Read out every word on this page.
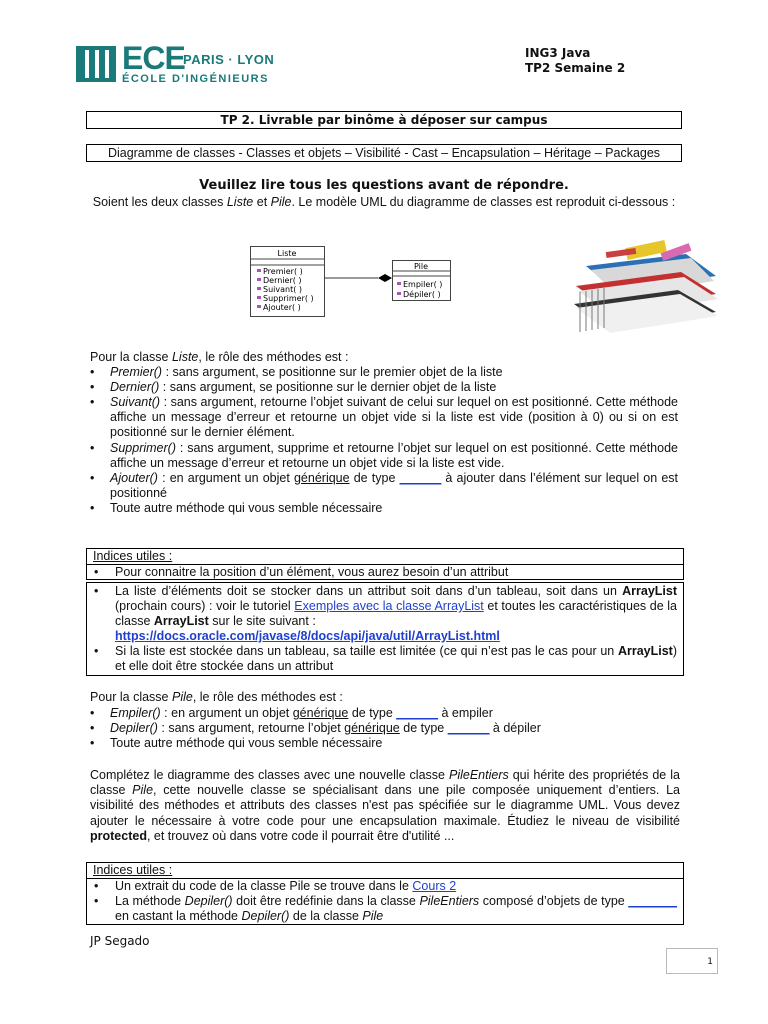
ECE
PARIS · LYON
ÉCOLE D'INGÉNIEURS
ING3 Java
TP2 Semaine 2
TP 2. Livrable par binôme à déposer sur campus
Diagramme de classes - Classes et objets – Visibilité - Cast – Encapsulation – Héritage – Packages
Veuillez lire tous les questions avant de répondre.
Soient les deux classes Liste et Pile. Le modèle UML du diagramme de classes est reproduit ci-dessous :
Liste
Premier( )
Dernier( )
Suivant( )
Supprimer( )
Ajouter( )
Pile
Empiler( )
Dépiler( )
Pour la classe Liste, le rôle des méthodes est :
• Premier() : sans argument, se positionne sur le premier objet de la liste
• Dernier() : sans argument, se positionne sur le dernier objet de la liste
• Suivant() : sans argument, retourne l’objet suivant de celui sur lequel on est positionné. Cette méthode affiche un message d’erreur et retourne un objet vide si la liste est vide (position à 0) ou si on est positionné sur le dernier élément.
• Supprimer() : sans argument, supprime et retourne l’objet sur lequel on est positionné. Cette méthode affiche un message d’erreur et retourne un objet vide si la liste est vide.
• Ajouter() : en argument un objet générique de type ______ à ajouter dans l’élément sur lequel on est positionné
• Toute autre méthode qui vous semble nécessaire
Indices utiles :
• Pour connaitre la position d’un élément, vous aurez besoin d’un attribut
• La liste d’éléments doit se stocker dans un attribut soit dans d’un tableau, soit dans un ArrayList (prochain cours) : voir le tutoriel Exemples avec la classe ArrayList et toutes les caractéristiques de la classe ArrayList sur le site suivant :
https://docs.oracle.com/javase/8/docs/api/java/util/ArrayList.html
• Si la liste est stockée dans un tableau, sa taille est limitée (ce qui n’est pas le cas pour un ArrayList) et elle doit être stockée dans un attribut
Pour la classe Pile, le rôle des méthodes est :
• Empiler() : en argument un objet générique de type ______ à empiler
• Depiler() : sans argument, retourne l’objet générique de type ______ à dépiler
• Toute autre méthode qui vous semble nécessaire
Complétez le diagramme des classes avec une nouvelle classe PileEntiers qui hérite des propriétés de la classe Pile, cette nouvelle classe se spécialisant dans une pile composée uniquement d’entiers. La visibilité des méthodes et attributs des classes n'est pas spécifiée sur le diagramme UML. Vous devez ajouter le nécessaire à votre code pour une encapsulation maximale. Étudiez le niveau de visibilité protected, et trouvez où dans votre code il pourrait être d'utilité ...
Indices utiles :
• Un extrait du code de la classe Pile se trouve dans le Cours 2
• La méthode Depiler() doit être redéfinie dans la classe PileEntiers composé d’objets de type _______ en castant la méthode Depiler() de la classe Pile
JP Segado
1
